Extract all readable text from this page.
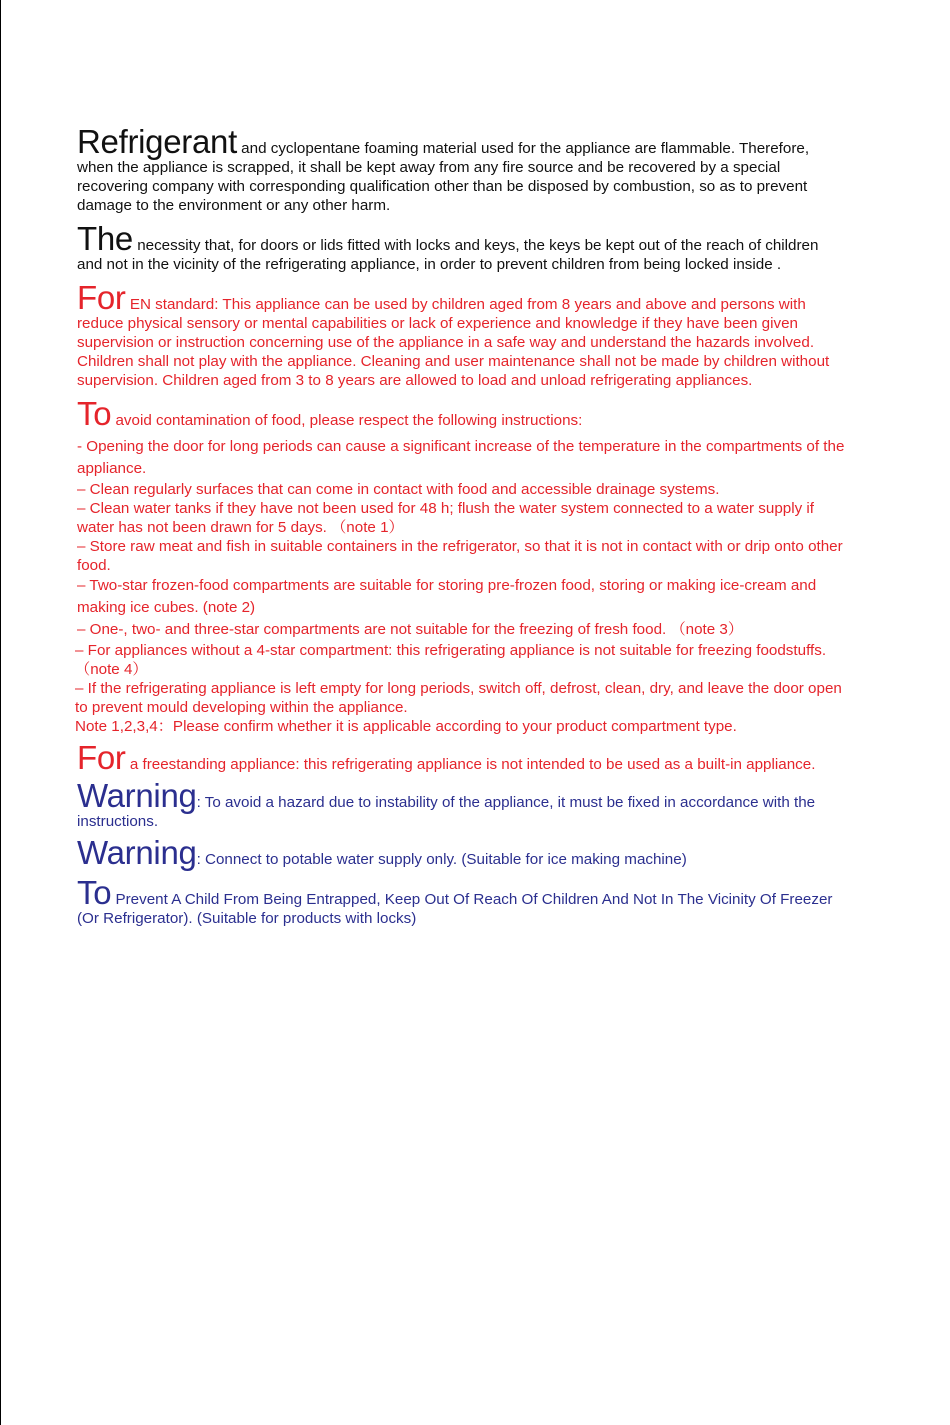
Refrigerant and cyclopentane foaming material used for the appliance are flammable. Therefore, when the appliance is scrapped, it shall be kept away from any fire source and be recovered by a special recovering company with corresponding qualification other than be disposed by combustion, so as to prevent damage to the environment or any other harm.

The necessity that, for doors or lids fitted with locks and keys, the keys be kept out of the reach of children and not in the vicinity of the refrigerating appliance, in order to prevent children from being locked inside .

For EN standard: This appliance can be used by children aged from 8 years and above and persons with reduce physical sensory or mental capabilities or lack of experience and knowledge if they have been given supervision or instruction concerning use of the appliance in a safe way and understand the hazards involved. Children shall not play with the appliance. Cleaning and user maintenance shall not be made by children without supervision. Children aged from 3 to 8 years are allowed to load and unload refrigerating appliances.

To avoid contamination of food, please respect the following instructions:

- Opening the door for long periods can cause a significant increase of the temperature in the compartments of the appliance.
– Clean regularly surfaces that can come in contact with food and accessible drainage systems.
– Clean water tanks if they have not been used for 48 h; flush the water system connected to a water supply if water has not been drawn for 5 days. （note 1）
– Store raw meat and fish in suitable containers in the refrigerator, so that it is not in contact with or drip onto other food.
– Two-star frozen-food compartments are suitable for storing pre-frozen food, storing or making ice-cream and making ice cubes. (note 2)
– One-, two- and three-star compartments are not suitable for the freezing of fresh food. （note 3）
– For appliances without a 4-star compartment: this refrigerating appliance is not suitable for freezing foodstuffs.（note 4）
– If the refrigerating appliance is left empty for long periods, switch off, defrost, clean, dry, and leave the door open to prevent mould developing within the appliance.
Note 1,2,3,4：Please confirm whether it is applicable according to your product compartment type.

For a freestanding appliance: this refrigerating appliance is not intended to be used as a built-in appliance.

Warning: To avoid a hazard due to instability of the appliance, it must be fixed in accordance with the instructions.

Warning: Connect to potable water supply only. (Suitable for ice making machine)

To Prevent A Child From Being Entrapped, Keep Out Of Reach Of Children And Not In The Vicinity Of Freezer (Or Refrigerator). (Suitable for products with locks)
